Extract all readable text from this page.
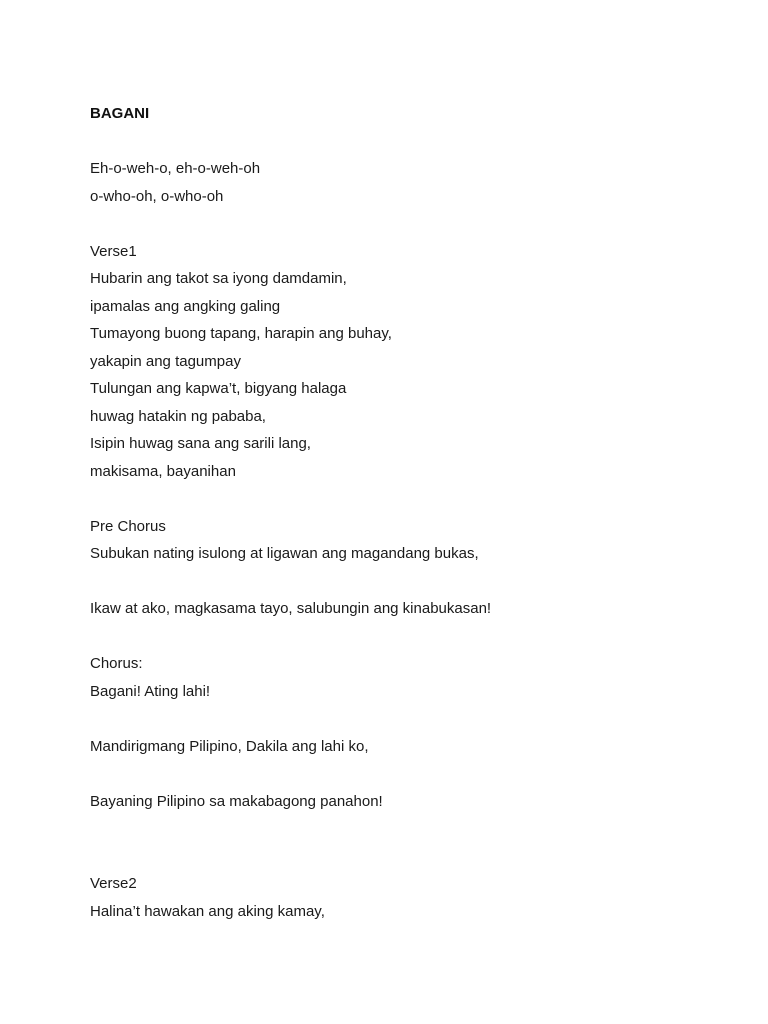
BAGANI
Eh-o-weh-o, eh-o-weh-oh
o-who-oh, o-who-oh
Verse1
Hubarin ang takot sa iyong damdamin,
ipamalas ang angking galing
Tumayong buong tapang, harapin ang buhay,
yakapin ang tagumpay
Tulungan ang kapwa’t, bigyang halaga
huwag hatakin ng pababa,
Isipin huwag sana ang sarili lang,
makisama, bayanihan
Pre Chorus
Subukan nating isulong at ligawan ang magandang bukas,
Ikaw at ako, magkasama tayo, salubungin ang kinabukasan!
Chorus:
Bagani! Ating lahi!
Mandirigmang Pilipino, Dakila ang lahi ko,
Bayaning Pilipino sa makabagong panahon!
Verse2
Halina’t hawakan ang aking kamay,
